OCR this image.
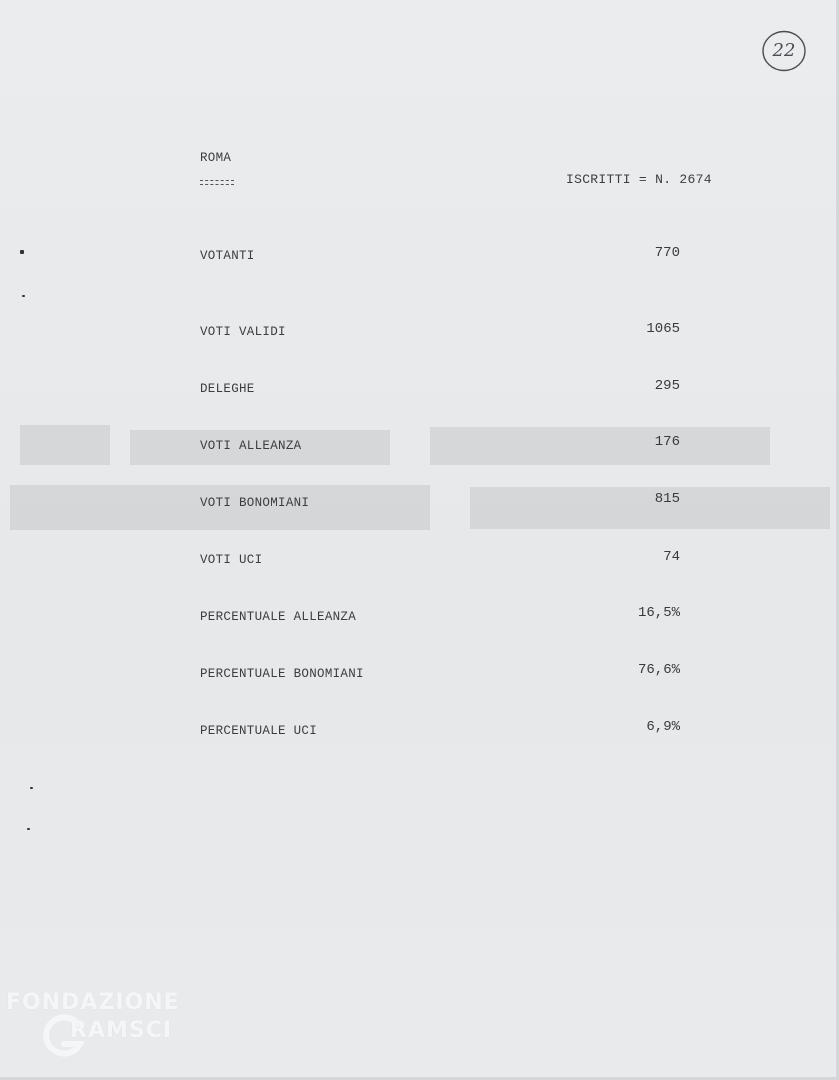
22
ROMA
ISCRITTI = N. 2674
VOTANTI	770
VOTI VALIDI	1065
DELEGHE	295
VOTI ALLEANZA	176
VOTI BONOMIANI	815
VOTI UCI	74
PERCENTUALE ALLEANZA	16,5%
PERCENTUALE BONOMIANI	76,6%
PERCENTUALE UCI	6,9%
FONDAZIONE
RAMSCI
